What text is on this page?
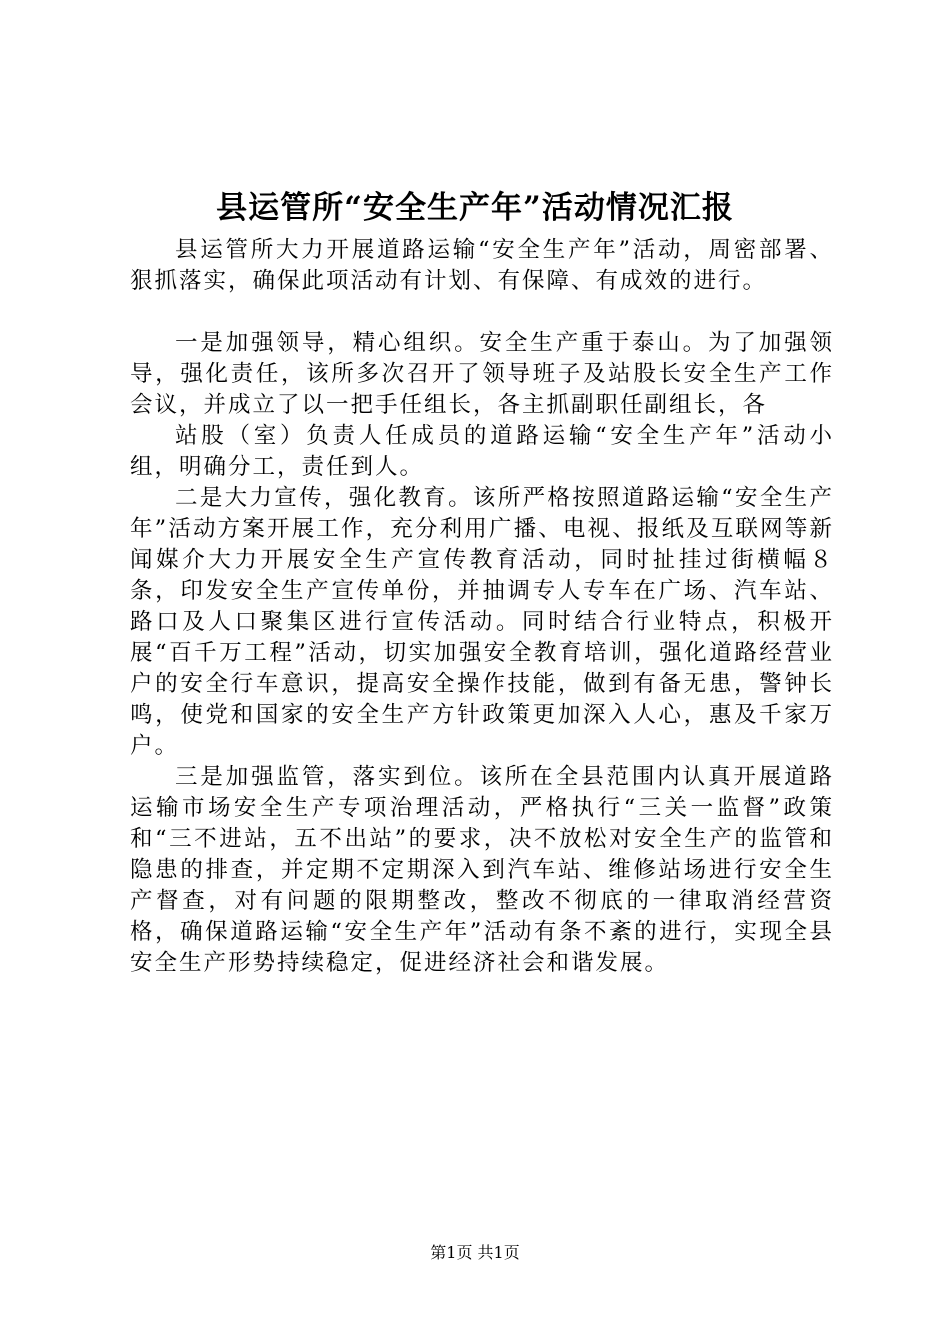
县运管所“安全生产年”活动情况汇报

县运管所大力开展道路运输“安全生产年”活动，周密部署、狠抓落实，确保此项活动有计划、有保障、有成效的进行。

一是加强领导，精心组织。安全生产重于泰山。为了加强领导，强化责任，该所多次召开了领导班子及站股长安全生产工作会议，并成立了以一把手任组长，各主抓副职任副组长，各

站股（室）负责人任成员的道路运输“安全生产年”活动小组，明确分工，责任到人。

二是大力宣传，强化教育。该所严格按照道路运输“安全生产年”活动方案开展工作，充分利用广播、电视、报纸及互联网等新闻媒介大力开展安全生产宣传教育活动，同时扯挂过街横幅８条，印发安全生产宣传单份，并抽调专人专车在广场、汽车站、路口及人口聚集区进行宣传活动。同时结合行业特点，积极开展“百千万工程”活动，切实加强安全教育培训，强化道路经营业户的安全行车意识，提高安全操作技能，做到有备无患，警钟长鸣，使党和国家的安全生产方针政策更加深入人心，惠及千家万户。

三是加强监管，落实到位。该所在全县范围内认真开展道路运输市场安全生产专项治理活动，严格执行“三关一监督”政策和“三不进站，五不出站”的要求，决不放松对安全生产的监管和隐患的排查，并定期不定期深入到汽车站、维修站场进行安全生产督查，对有问题的限期整改，整改不彻底的一律取消经营资格，确保道路运输“安全生产年”活动有条不紊的进行，实现全县安全生产形势持续稳定，促进经济社会和谐发展。

第1页 共1页
